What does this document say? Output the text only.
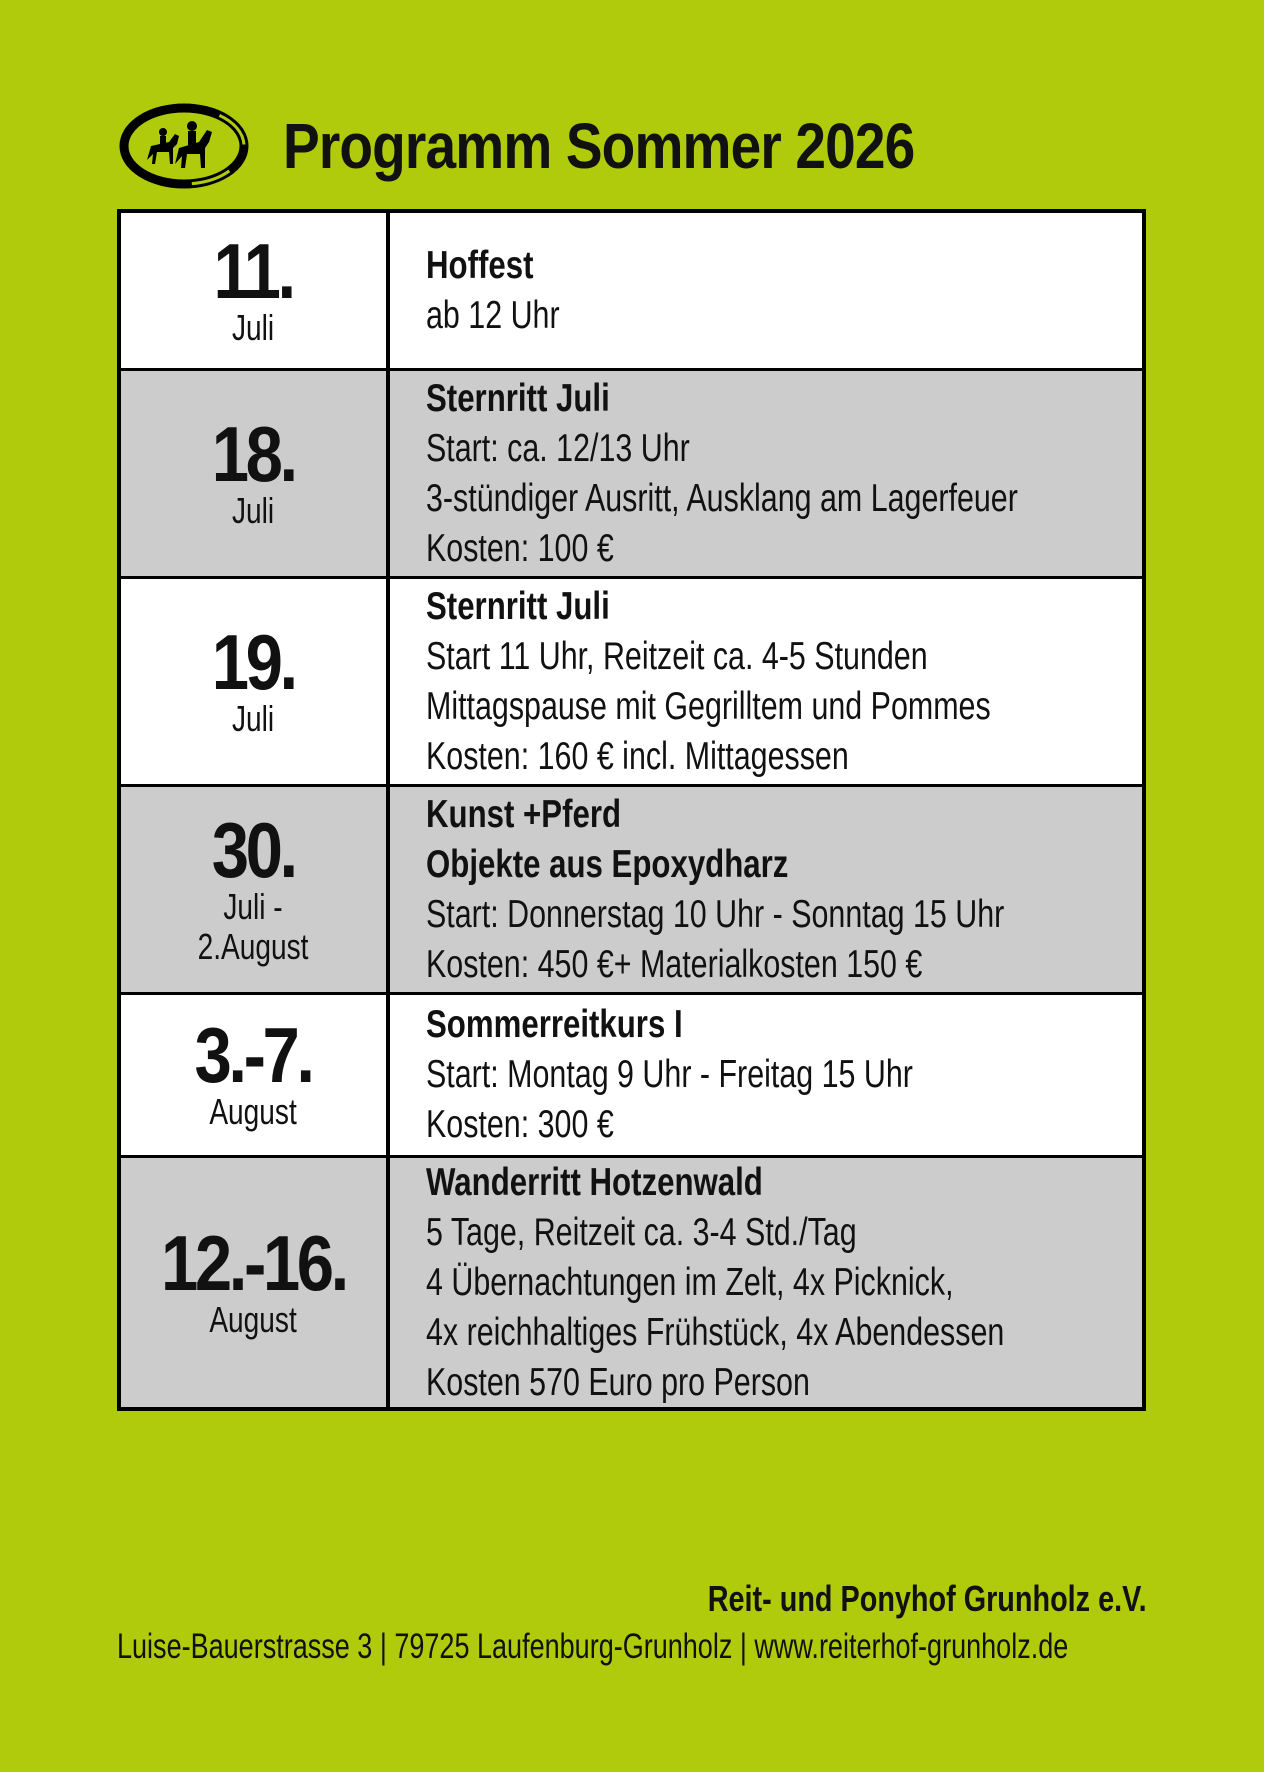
Programm Sommer 2026
11.
Juli
Hoffest
ab 12 Uhr
18.
Juli
Sternritt Juli
Start: ca. 12/13 Uhr
3-stündiger Ausritt, Ausklang am Lagerfeuer
Kosten: 100 €
19.
Juli
Sternritt Juli
Start 11 Uhr, Reitzeit ca. 4-5 Stunden
Mittagspause mit Gegrilltem und Pommes
Kosten: 160 € incl. Mittagessen
30.
Juli -
2.August
Kunst +Pferd
Objekte aus Epoxydharz
Start: Donnerstag 10 Uhr - Sonntag 15 Uhr
Kosten: 450 €+ Materialkosten 150 €
3.-7.
August
Sommerreitkurs I
Start: Montag 9 Uhr - Freitag 15 Uhr
Kosten: 300 €
12.-16.
August
Wanderritt Hotzenwald
5 Tage, Reitzeit ca. 3-4 Std./Tag
4 Übernachtungen im Zelt, 4x Picknick,
4x reichhaltiges Frühstück, 4x Abendessen
Kosten 570 Euro pro Person
Reit- und Ponyhof Grunholz e.V.
Luise-Bauerstrasse 3 | 79725 Laufenburg-Grunholz | www.reiterhof-grunholz.de
